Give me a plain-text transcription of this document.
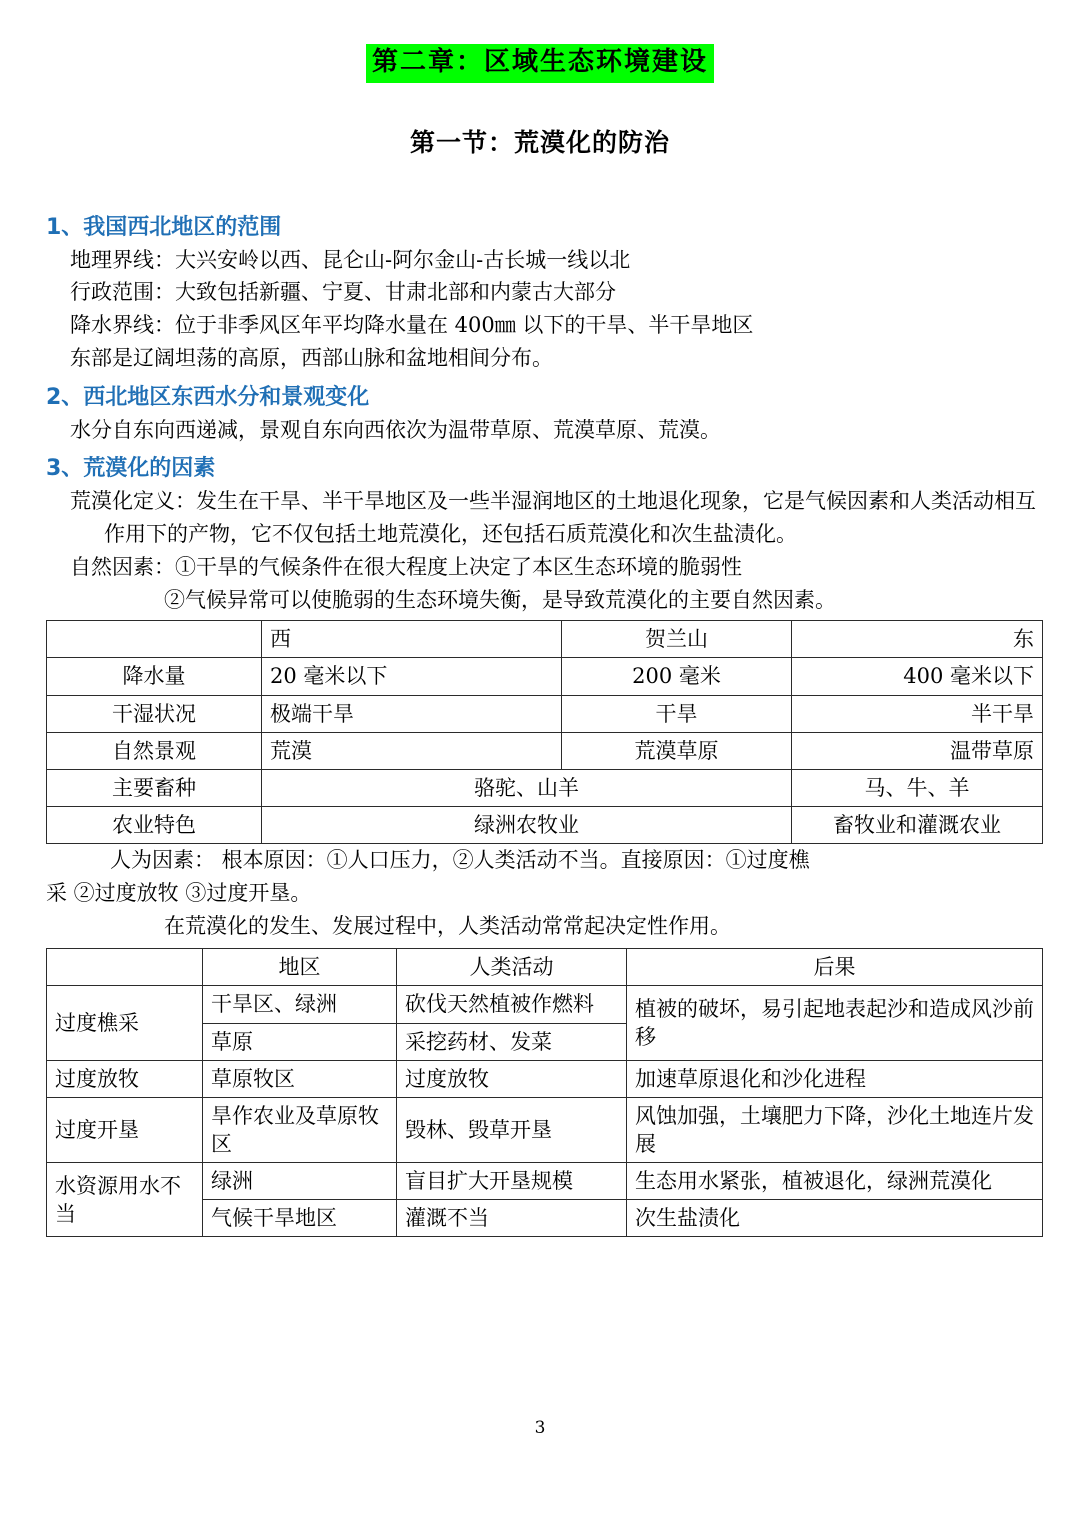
第二章：区域生态环境建设
第一节：荒漠化的防治
1、我国西北地区的范围
地理界线：大兴安岭以西、昆仑山-阿尔金山-古长城一线以北
行政范围：大致包括新疆、宁夏、甘肃北部和内蒙古大部分
降水界线：位于非季风区年平均降水量在 400㎜ 以下的干旱、半干旱地区
东部是辽阔坦荡的高原，西部山脉和盆地相间分布。
2、西北地区东西水分和景观变化
水分自东向西递减，景观自东向西依次为温带草原、荒漠草原、荒漠。
3、荒漠化的因素
荒漠化定义：发生在干旱、半干旱地区及一些半湿润地区的土地退化现象，它是气候因素和人类活动相互作用下的产物，它不仅包括土地荒漠化，还包括石质荒漠化和次生盐渍化。
自然因素：①干旱的气候条件在很大程度上决定了本区生态环境的脆弱性
②气候异常可以使脆弱的生态环境失衡，是导致荒漠化的主要自然因素。
	西	贺兰山	东
降水量	20 毫米以下	200 毫米	400 毫米以下
干湿状况	极端干旱	干旱	半干旱
自然景观	荒漠	荒漠草原	温带草原
主要畜种	骆驼、山羊		马、牛、羊
农业特色	绿洲农牧业		畜牧业和灌溉农业
人为因素： 根本原因：①人口压力，②人类活动不当。直接原因：①过度樵
采 ②过度放牧 ③过度开垦。
在荒漠化的发生、发展过程中，人类活动常常起决定性作用。
	地区	人类活动	后果
过度樵采	干旱区、绿洲	砍伐天然植被作燃料	植被的破坏，易引起地表起沙和造成风沙前移
	草原	采挖药材、发菜	
过度放牧	草原牧区	过度放牧	加速草原退化和沙化进程
过度开垦	旱作农业及草原牧区	毁林、毁草开垦	风蚀加强，土壤肥力下降，沙化土地连片发展
水资源用水不当	绿洲	盲目扩大开垦规模	生态用水紧张，植被退化，绿洲荒漠化
	气候干旱地区	灌溉不当	次生盐渍化
3
